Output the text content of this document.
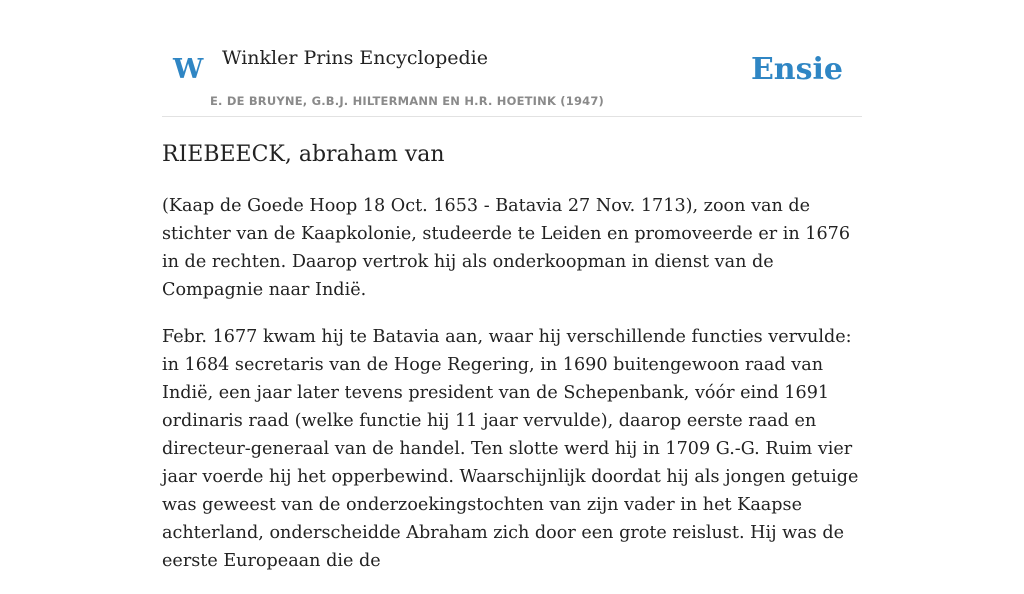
W Winkler Prins Encyclopedie
E. DE BRUYNE, G.B.J. HILTERMANN EN H.R. HOETINK (1947)
Ensie
RIEBEECK, abraham van

(Kaap de Goede Hoop 18 Oct. 1653 - Batavia 27 Nov. 1713), zoon van de stichter van de Kaapkolonie, studeerde te Leiden en promoveerde er in 1676 in de rechten. Daarop vertrok hij als onderkoopman in dienst van de Compagnie naar Indië.

Febr. 1677 kwam hij te Batavia aan, waar hij verschillende functies vervulde: in 1684 secretaris van de Hoge Regering, in 1690 buitengewoon raad van Indië, een jaar later tevens president van de Schepenbank, vóór eind 1691 ordinaris raad (welke functie hij 11 jaar vervulde), daarop eerste raad en directeur-generaal van de handel. Ten slotte werd hij in 1709 G.-G. Ruim vier jaar voerde hij het opperbewind. Waarschijnlijk doordat hij als jongen getuige was geweest van de onderzoekingstochten van zijn vader in het Kaapse achterland, onderscheidde Abraham zich door een grote reislust. Hij was de eerste Europeaan die de
